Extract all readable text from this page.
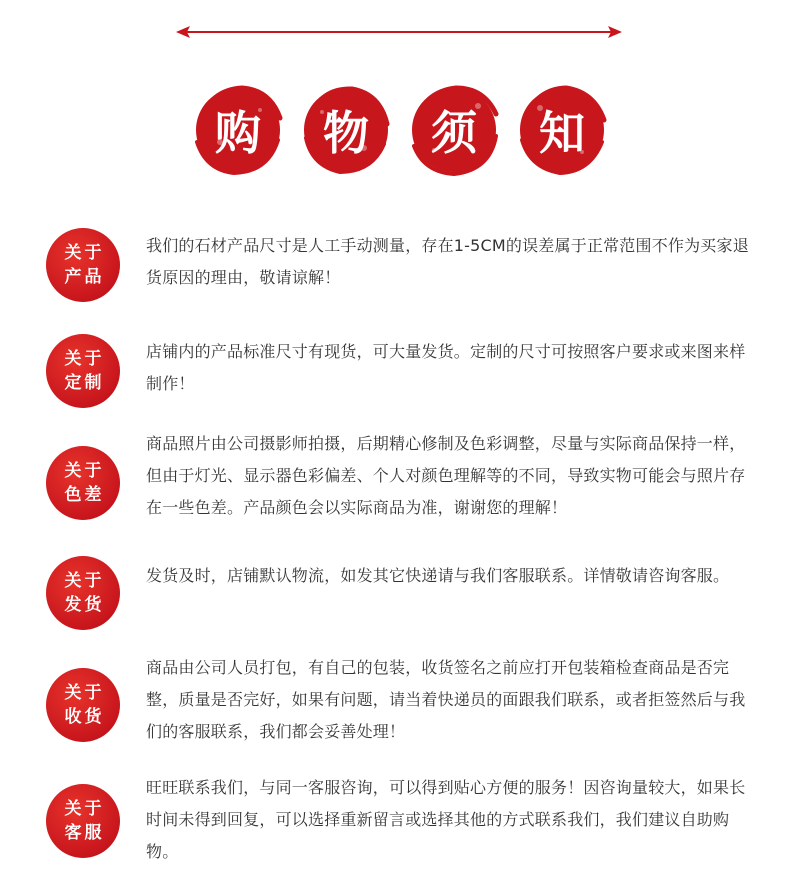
购	物	须	知
关于
产品
我们的石材产品尺寸是人工手动测量，存在1-5CM的误差属于正常范围不作为买家退货原因的理由，敬请谅解！
关于
定制
店铺内的产品标准尺寸有现货，可大量发货。定制的尺寸可按照客户要求或来图来样制作！
关于
色差
商品照片由公司摄影师拍摄，后期精心修制及色彩调整，尽量与实际商品保持一样，但由于灯光、显示器色彩偏差、个人对颜色理解等的不同，导致实物可能会与照片存在一些色差。产品颜色会以实际商品为准，谢谢您的理解！
关于
发货
发货及时，店铺默认物流，如发其它快递请与我们客服联系。详情敬请咨询客服。
关于
收货
商品由公司人员打包，有自己的包装，收货签名之前应打开包装箱检查商品是否完整，质量是否完好，如果有问题，请当着快递员的面跟我们联系，或者拒签然后与我们的客服联系，我们都会妥善处理！
关于
客服
旺旺联系我们，与同一客服咨询，可以得到贴心方便的服务！因咨询量较大，如果长时间未得到回复，可以选择重新留言或选择其他的方式联系我们，我们建议自助购物。
